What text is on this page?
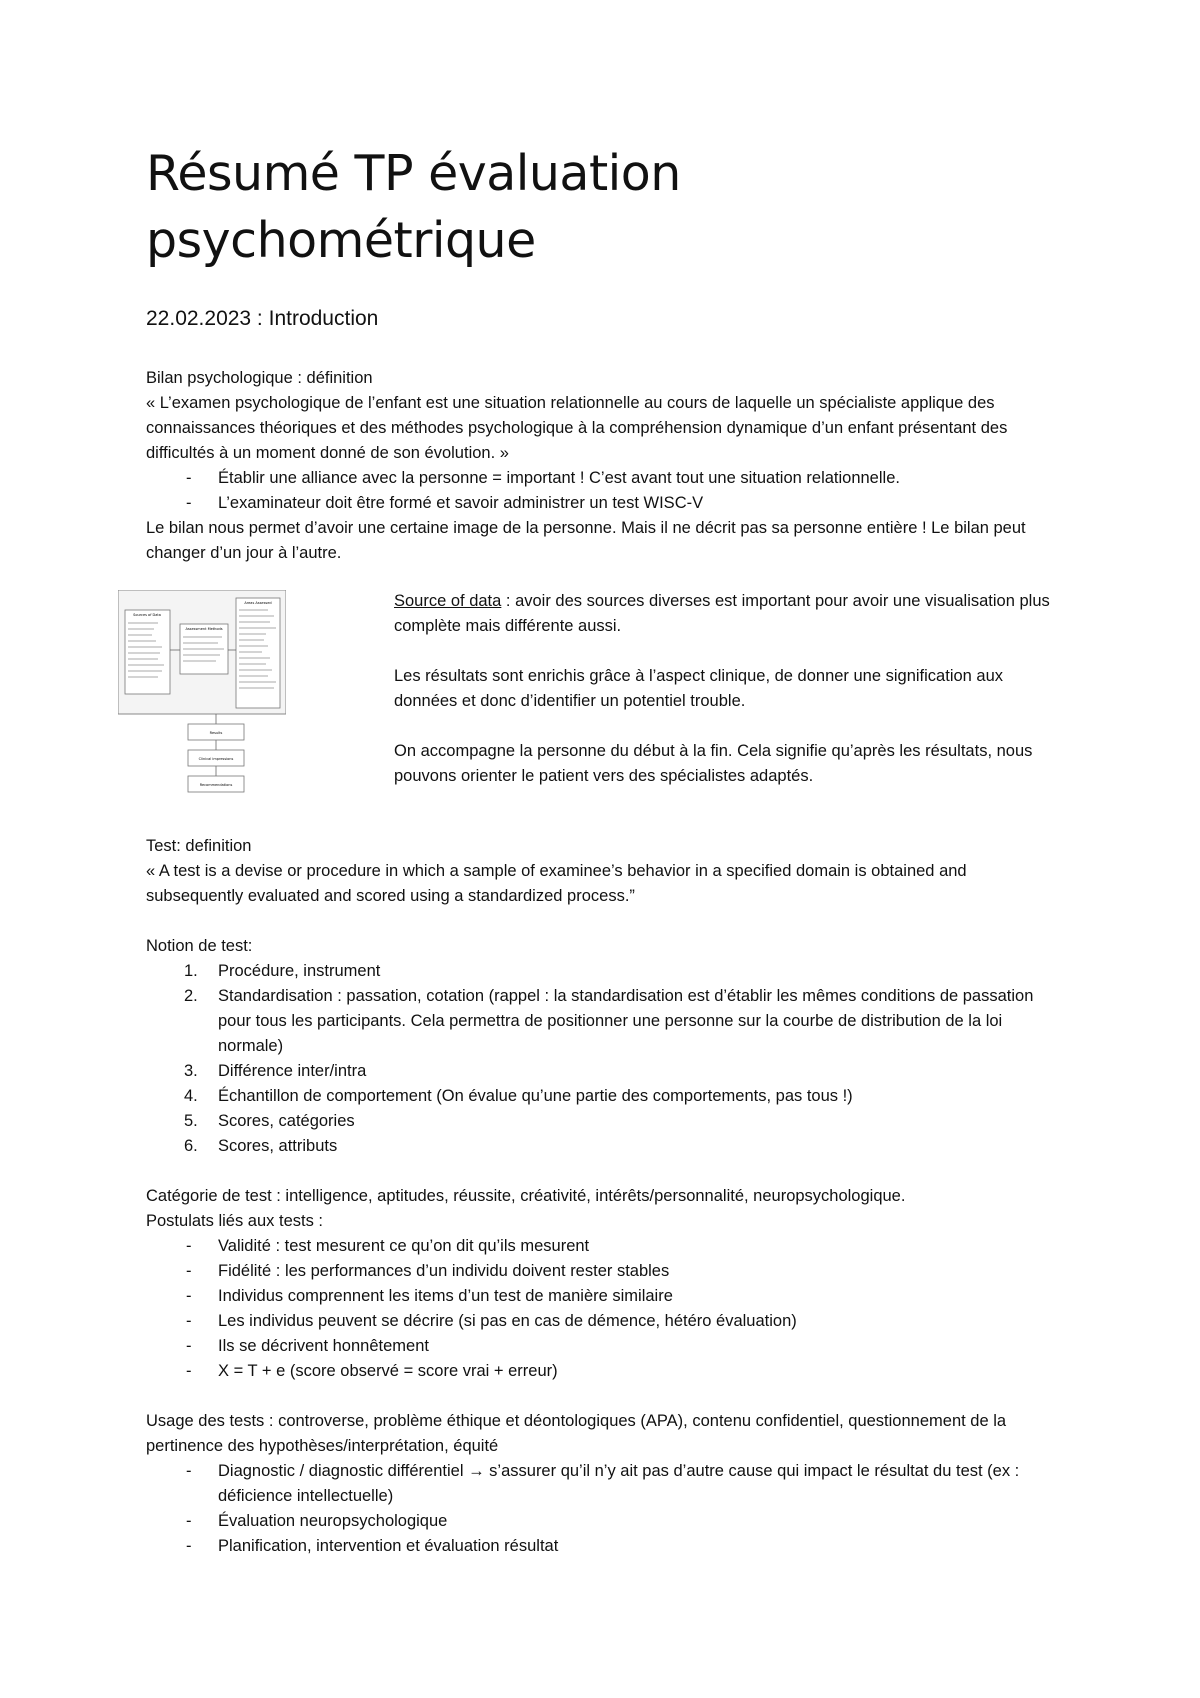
Résumé TP évaluation psychométrique
22.02.2023 : Introduction

Bilan psychologique : définition

« L’examen psychologique de l’enfant est une situation relationnelle au cours de laquelle un spécialiste applique des connaissances théoriques et des méthodes psychologique à la compréhension dynamique d’un enfant présentant des difficultés à un moment donné de son évolution. »

- Établir une alliance avec la personne = important ! C’est avant tout une situation relationnelle.
- L’examinateur doit être formé et savoir administrer un test WISC-V

Le bilan nous permet d’avoir une certaine image de la personne. Mais il ne décrit pas sa personne entière ! Le bilan peut changer d’un jour à l’autre.

Sources of Data
Assessment Methods
Areas Assessed
Results
Clinical impressions
Recommendations

Source of data : avoir des sources diverses est important pour avoir une visualisation plus complète mais différente aussi.

Les résultats sont enrichis grâce à l’aspect clinique, de donner une signification aux données et donc d’identifier un potentiel trouble.

On accompagne la personne du début à la fin. Cela signifie qu’après les résultats, nous pouvons orienter le patient vers des spécialistes adaptés.

Test: definition

« A test is a devise or procedure in which a sample of examinee’s behavior in a specified domain is obtained and subsequently evaluated and scored using a standardized process.”

Notion de test:

1. Procédure, instrument
2. Standardisation : passation, cotation (rappel : la standardisation est d’établir les mêmes conditions de passation pour tous les participants. Cela permettra de positionner une personne sur la courbe de distribution de la loi normale)
3. Différence inter/intra
4. Échantillon de comportement (On évalue qu’une partie des comportements, pas tous !)
5. Scores, catégories
6. Scores, attributs

Catégorie de test : intelligence, aptitudes, réussite, créativité, intérêts/personnalité, neuropsychologique.

Postulats liés aux tests :

- Validité : test mesurent ce qu’on dit qu’ils mesurent
- Fidélité : les performances d’un individu doivent rester stables
- Individus comprennent les items d’un test de manière similaire
- Les individus peuvent se décrire (si pas en cas de démence, hétéro évaluation)
- Ils se décrivent honnêtement
- X = T + e (score observé = score vrai + erreur)

Usage des tests : controverse, problème éthique et déontologiques (APA), contenu confidentiel, questionnement de la pertinence des hypothèses/interprétation, équité

- Diagnostic / diagnostic différentiel → s’assurer qu’il n’y ait pas d’autre cause qui impact le résultat du test (ex : déficience intellectuelle)
- Évaluation neuropsychologique
- Planification, intervention et évaluation résultat
